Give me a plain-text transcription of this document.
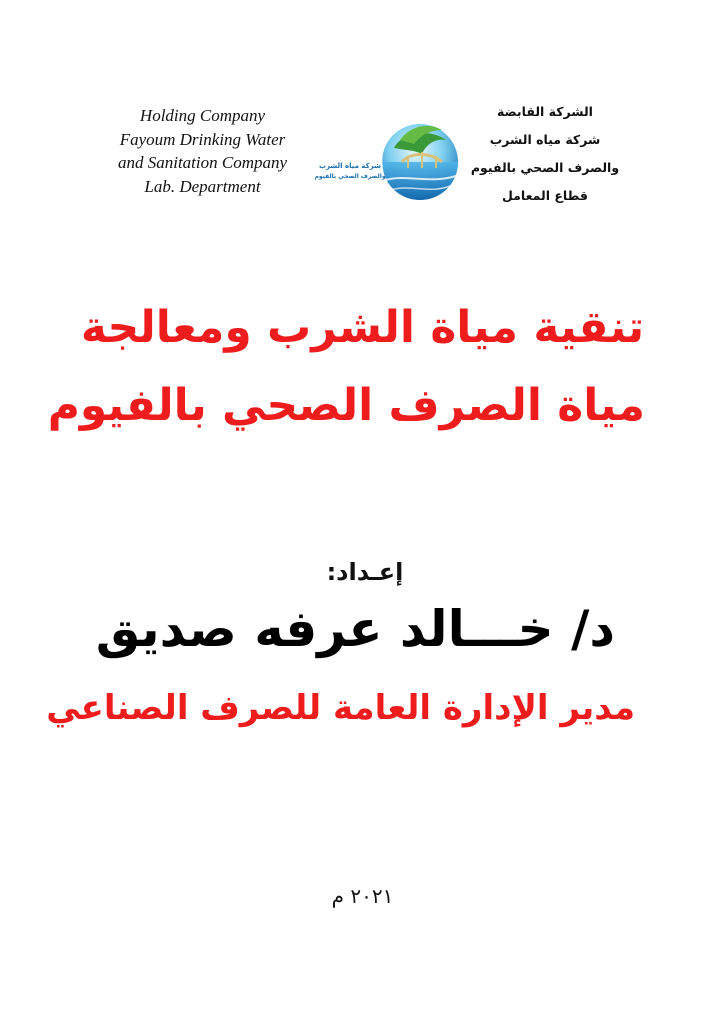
Holding Company
Fayoum Drinking Water
and Sanitation Company
Lab. Department
شركة مياه الشرب
والصرف الصحي بالفيوم
الشركة القابضة
شركة مياه الشرب
والصرف الصحي بالفيوم
قطاع المعامل
تنقية مياة الشرب ومعالجة
مياة الصرف الصحي بالفيوم
إعـداد:
د/ خـــالد عرفه صديق
مدير الإدارة العامة للصرف الصناعي
٢٠٢١ م
